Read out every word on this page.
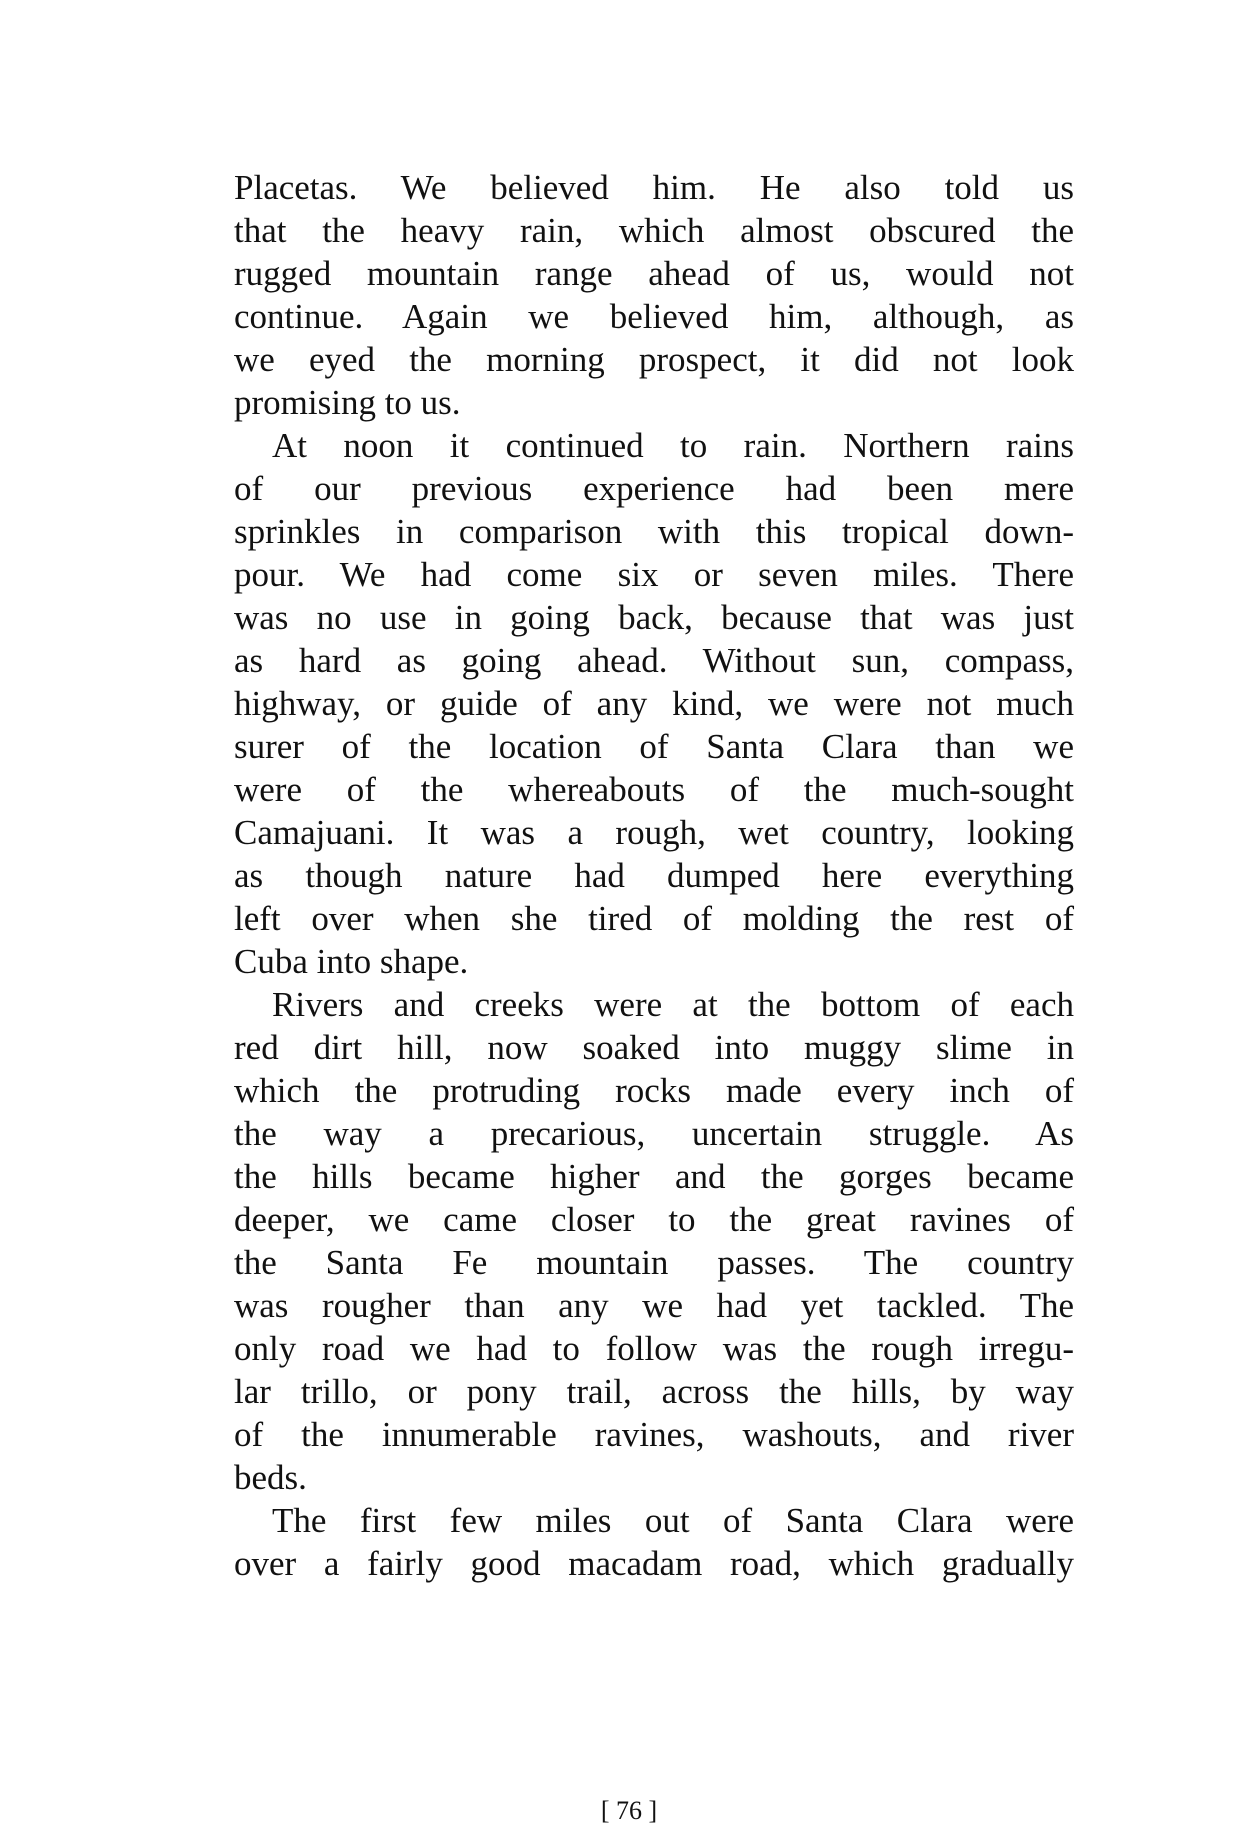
Placetas. We believed him. He also told us
that the heavy rain, which almost obscured the
rugged mountain range ahead of us, would not
continue. Again we believed him, although, as
we eyed the morning prospect, it did not look
promising to us.
At noon it continued to rain. Northern rains
of our previous experience had been mere
sprinkles in comparison with this tropical down-
pour. We had come six or seven miles. There
was no use in going back, because that was just
as hard as going ahead. Without sun, compass,
highway, or guide of any kind, we were not much
surer of the location of Santa Clara than we
were of the whereabouts of the much-sought
Camajuani. It was a rough, wet country, looking
as though nature had dumped here everything
left over when she tired of molding the rest of
Cuba into shape.
Rivers and creeks were at the bottom of each
red dirt hill, now soaked into muggy slime in
which the protruding rocks made every inch of
the way a precarious, uncertain struggle. As
the hills became higher and the gorges became
deeper, we came closer to the great ravines of
the Santa Fe mountain passes. The country
was rougher than any we had yet tackled. The
only road we had to follow was the rough irregu-
lar trillo, or pony trail, across the hills, by way
of the innumerable ravines, washouts, and river
beds.
The first few miles out of Santa Clara were
over a fairly good macadam road, which gradually
[ 76 ]
